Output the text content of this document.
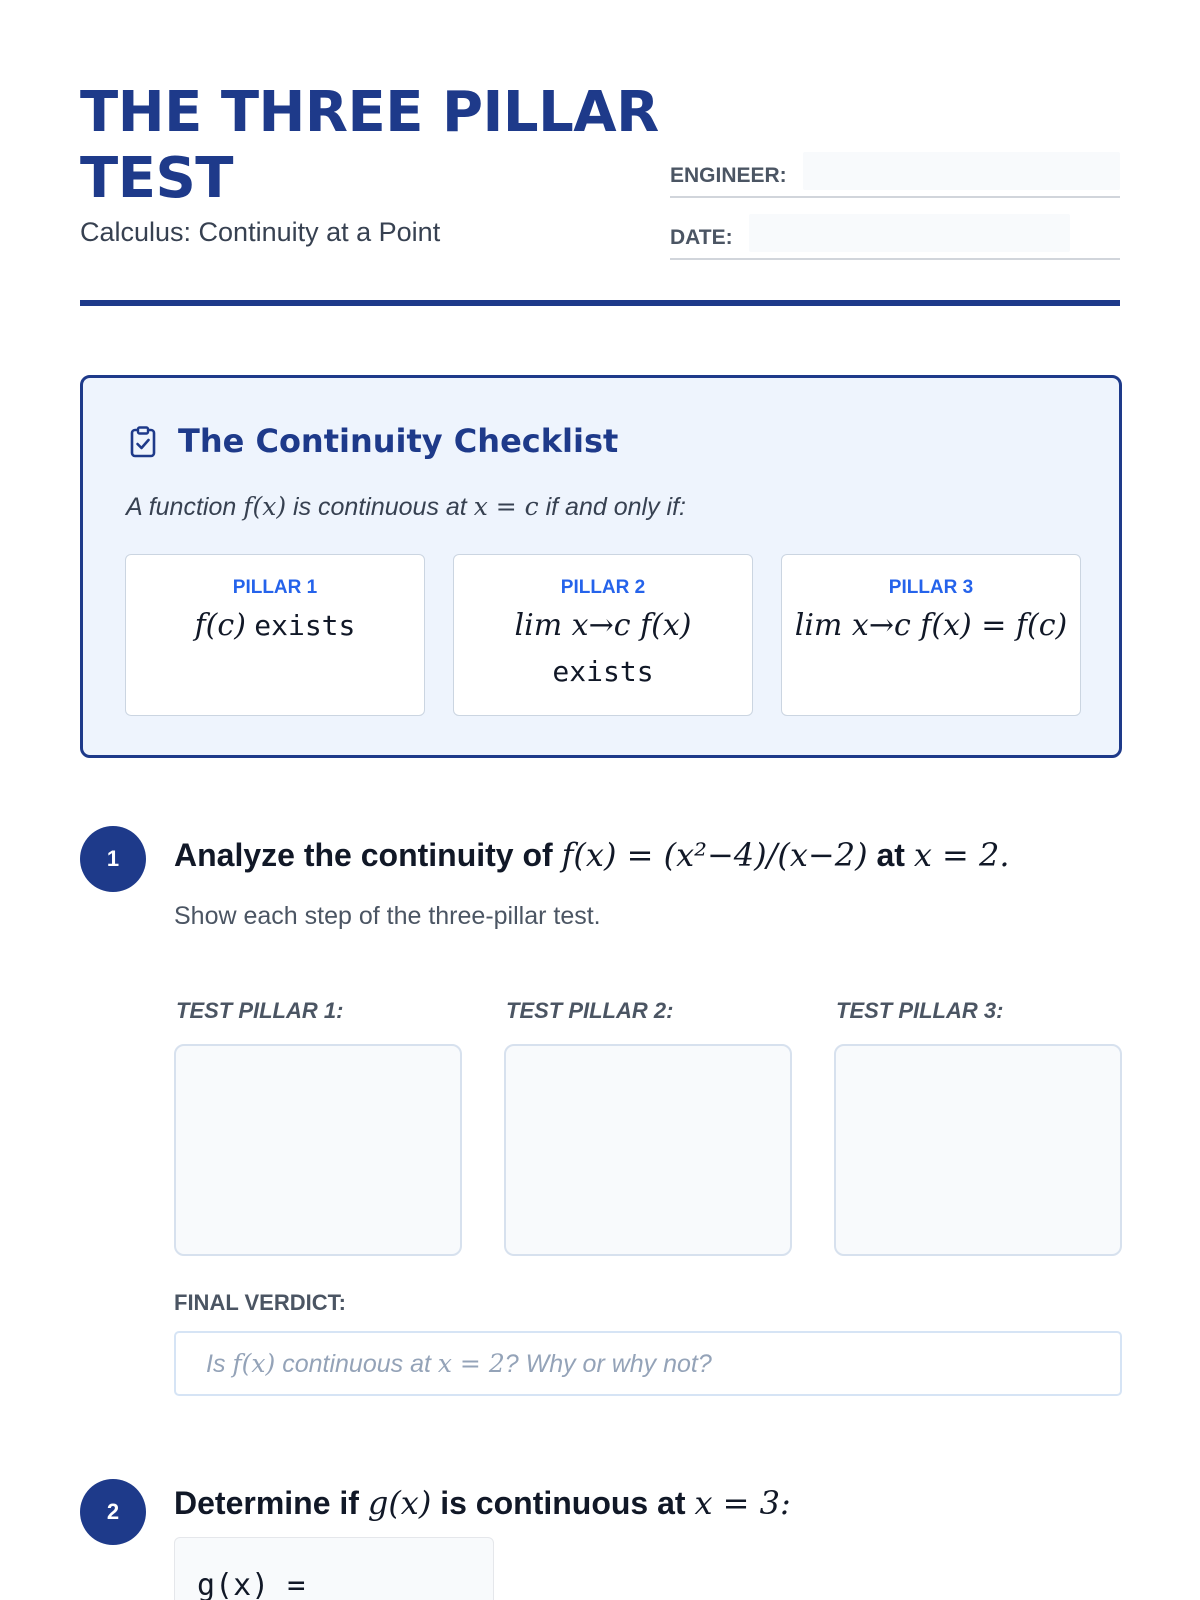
THE THREE PILLAR TEST
Calculus: Continuity at a Point
ENGINEER:
DATE:
The Continuity Checklist

A function f(x) is continuous at x = c if and only if:

PILLAR 1
f(c) exists
PILLAR 2
lim x→c f(x)
exists
PILLAR 3
lim x→c f(x) = f(c)
1	Analyze the continuity of f(x) = (x²−4)/(x−2) at x = 2.
Show each step of the three-pillar test.
TEST PILLAR 1:	TEST PILLAR 2:	TEST PILLAR 3:
FINAL VERDICT:
Is f(x) continuous at x = 2? Why or why not?
2	Determine if g(x) is continuous at x = 3:
g(x) =
